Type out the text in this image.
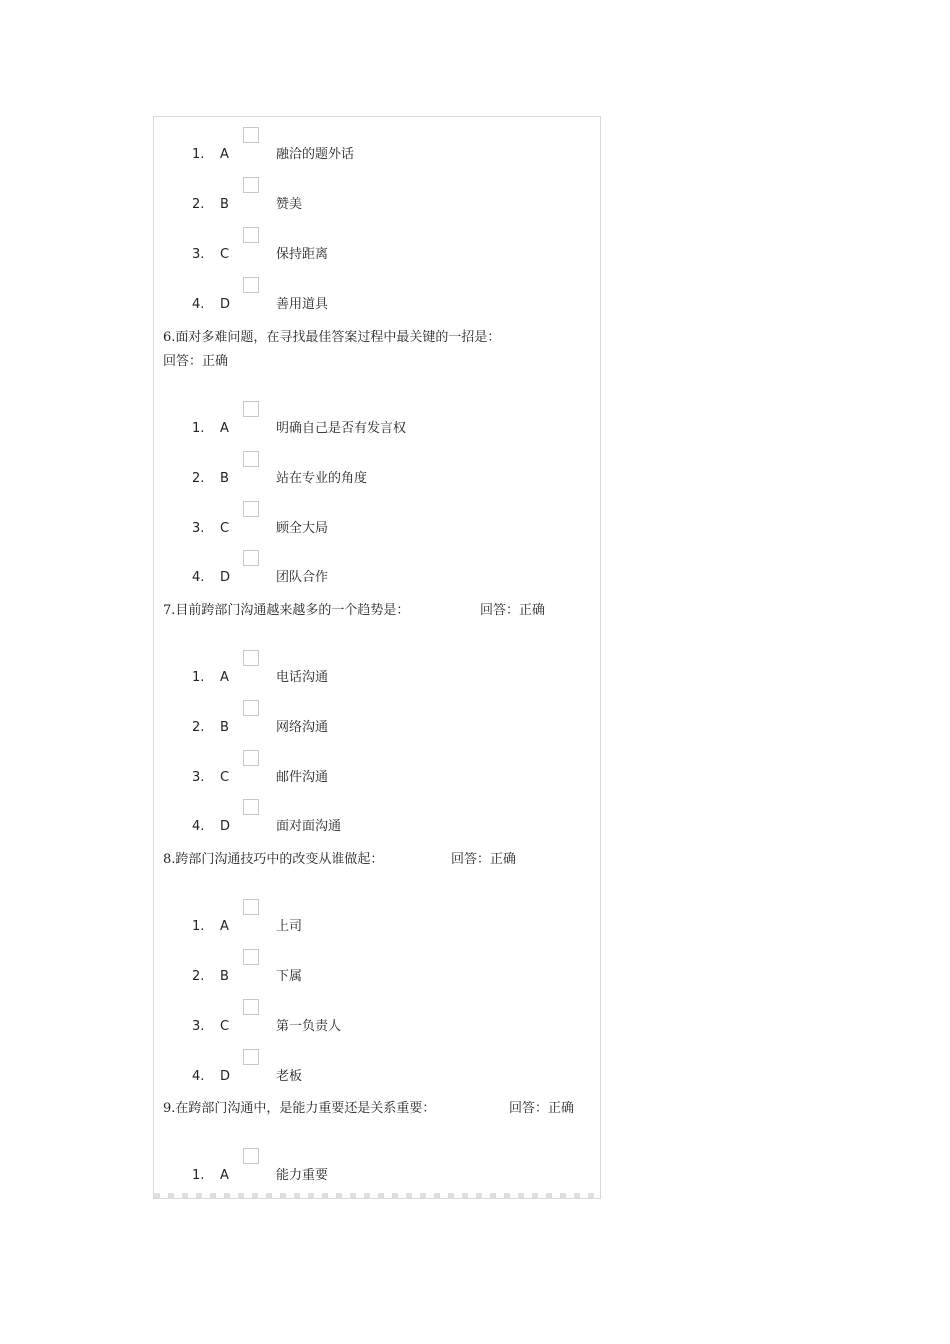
1. A	融洽的题外话
2. B	赞美
3. C	保持距离
4. D	善用道具
6.面对多难问题，在寻找最佳答案过程中最关键的一招是：
回答：正确
1. A	明确自己是否有发言权
2. B	站在专业的角度
3. C	顾全大局
4. D	团队合作
7.目前跨部门沟通越来越多的一个趋势是：	回答：正确
1. A	电话沟通
2. B	网络沟通
3. C	邮件沟通
4. D	面对面沟通
8.跨部门沟通技巧中的改变从谁做起：	回答：正确
1. A	上司
2. B	下属
3. C	第一负责人
4. D	老板
9.在跨部门沟通中，是能力重要还是关系重要：	回答：正确
1. A	能力重要
